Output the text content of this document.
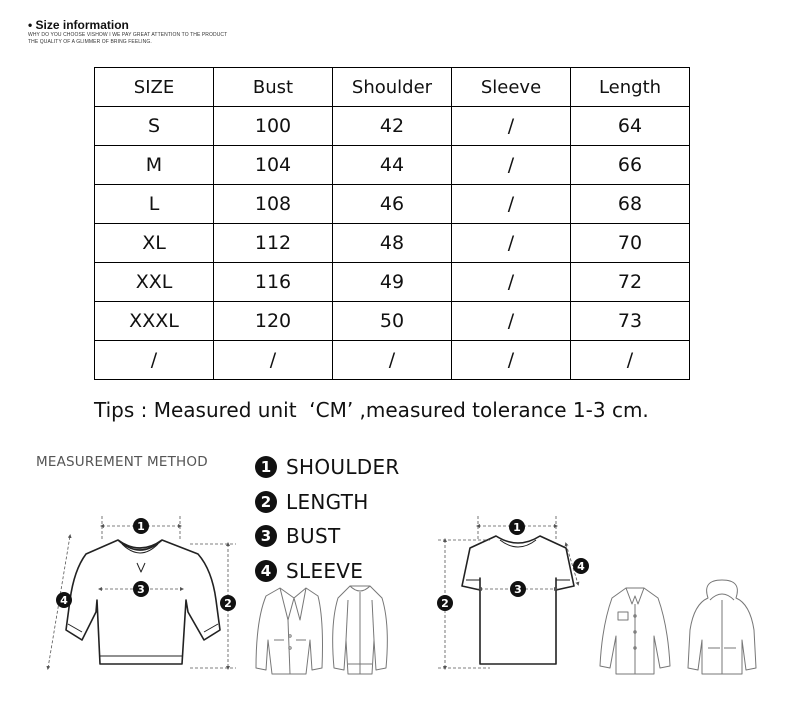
• Size information
WHY DO YOU CHOOSE VISHOW I WE PAY GREAT ATTENTION TO THE PRODUCT
THE QUALITY OF A GLIMMER OF BRING FEELING.
SIZE	Bust	Shoulder	Sleeve	Length
S	100	42	/	64
M	104	44	/	66
L	108	46	/	68
XL	112	48	/	70
XXL	116	49	/	72
XXXL	120	50	/	73
/	/	/	/	/
Tips : Measured unit  ‘CM’ ,measured tolerance 1-3 cm.
MEASUREMENT METHOD	1 SHOULDER
2 LENGTH
3 BUST
4 SLEEVE
1
3
2
4
1
3
2
4
